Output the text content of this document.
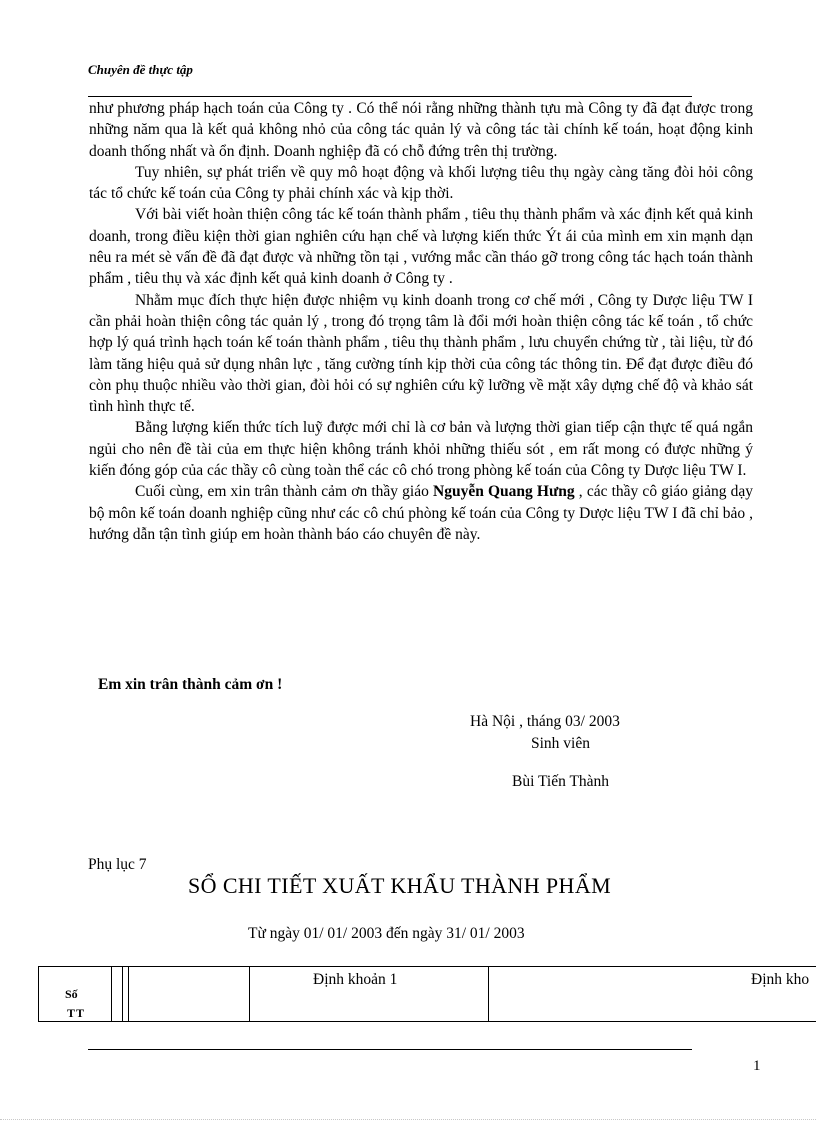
Chuyên đề thực tập

như phương pháp hạch toán của Công ty . Có thể nói rằng những thành tựu mà Công ty đã đạt được trong những năm qua là kết quả không nhỏ của công tác quản lý và công tác tài chính kế toán, hoạt động kinh doanh thống nhất và ổn định. Doanh nghiệp đã có chỗ đứng trên thị trường.

Tuy nhiên, sự phát triển về quy mô hoạt động và khối lượng tiêu thụ ngày càng tăng đòi hỏi công tác tổ chức kế toán của Công ty phải chính xác và kịp thời.

Với bài viết hoàn thiện công tác kế toán thành phẩm , tiêu thụ thành phẩm và xác định kết quả kinh doanh, trong điều kiện thời gian nghiên cứu hạn chế và lượng kiến thức Ýt ái của mình em xin mạnh dạn nêu ra mét sè vấn đề đã đạt được và những tồn tại , vướng mắc cần tháo gỡ trong công tác hạch toán thành phẩm , tiêu thụ và xác định kết quả kinh doanh ở Công ty .

Nhằm mục đích thực hiện được nhiệm vụ kinh doanh trong cơ chế mới , Công ty Dược liệu TW I cần phải hoàn thiện công tác quản lý , trong đó trọng tâm là đổi mới hoàn thiện công tác kế toán , tổ chức hợp lý quá trình hạch toán kế toán thành phẩm , tiêu thụ thành phẩm , lưu chuyển chứng từ , tài liệu, từ đó làm tăng hiệu quả sử dụng nhân lực , tăng cường tính kịp thời của công tác thông tin. Để đạt được điều đó còn phụ thuộc nhiều vào thời gian, đòi hỏi có sự nghiên cứu kỹ lưỡng về mặt xây dựng chế độ và khảo sát tình hình thực tế.

Bằng lượng kiến thức tích luỹ được mới chỉ là cơ bản và lượng thời gian tiếp cận thực tế quá ngắn ngủi cho nên đề tài của em thực hiện không tránh khỏi những thiếu sót , em rất mong có được những ý kiến đóng góp của các thầy cô cùng toàn thể các cô chó trong phòng kế toán của Công ty Dược liệu TW I.

Cuối cùng, em xin trân thành cảm ơn thầy giáo Nguyễn Quang Hưng , các thầy cô giáo giảng dạy bộ môn kế toán doanh nghiệp cũng như các cô chú phòng kế toán của Công ty Dược liệu TW I đã chỉ bảo , hướng dẫn tận tình giúp em hoàn thành báo cáo chuyên đề này.

Em xin trân thành cảm ơn !
Hà Nội , tháng 03/ 2003
Sinh viên
Bùi Tiến Thành
Phụ lục 7
SỔ CHI TIẾT XUẤT KHẨU THÀNH PHẨM
Từ ngày 01/ 01/ 2003 đến ngày 31/ 01/ 2003
Số
TT
Định khoản 1	Định kho
1
